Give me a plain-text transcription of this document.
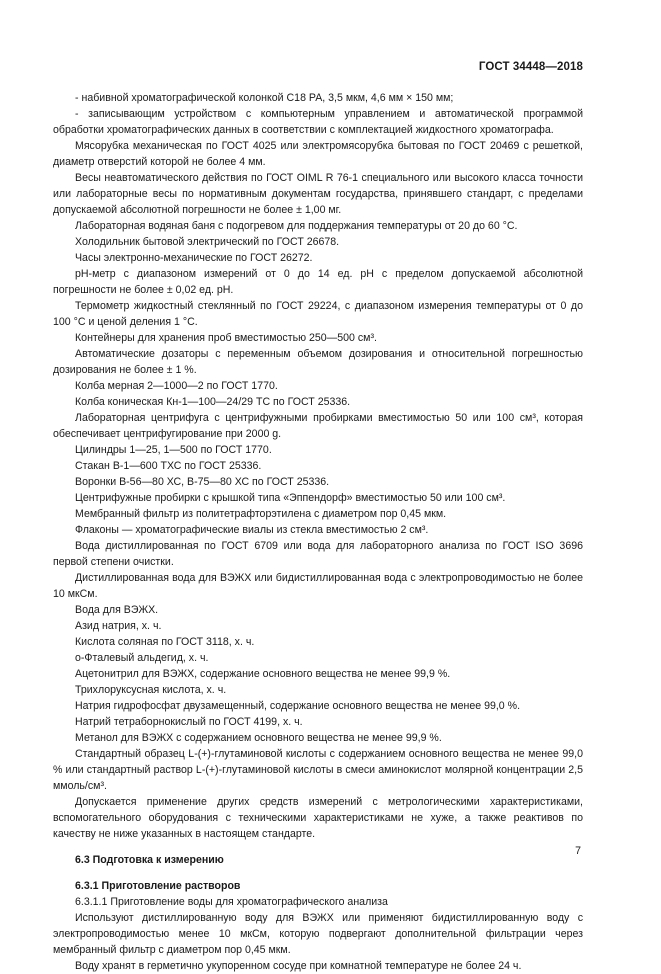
ГОСТ 34448—2018

- набивной хроматографической колонкой C18 PA, 3,5 мкм, 4,6 мм × 150 мм;

- записывающим устройством с компьютерным управлением и автоматической программой обработки хроматографических данных в соответствии с комплектацией жидкостного хроматографа.

Мясорубка механическая по ГОСТ 4025 или электромясорубка бытовая по ГОСТ 20469 с решеткой, диаметр отверстий которой не более 4 мм.

Весы неавтоматического действия по ГОСТ OIML R 76-1 специального или высокого класса точности или лабораторные весы по нормативным документам государства, принявшего стандарт, с пределами допускаемой абсолютной погрешности не более ± 1,00 мг.

Лабораторная водяная баня с подогревом для поддержания температуры от 20 до 60 °С.

Холодильник бытовой электрический по ГОСТ 26678.

Часы электронно-механические по ГОСТ 26272.

pH-метр с диапазоном измерений от 0 до 14 ед. pH с пределом допускаемой абсолютной погрешности не более ± 0,02 ед. pH.

Термометр жидкостный стеклянный по ГОСТ 29224, с диапазоном измерения температуры от 0 до 100 °С и ценой деления 1 °С.

Контейнеры для хранения проб вместимостью 250—500 см³.

Автоматические дозаторы с переменным объемом дозирования и относительной погрешностью дозирования не более ± 1 %.

Колба мерная 2—1000—2 по ГОСТ 1770.

Колба коническая Кн-1—100—24/29 ТС по ГОСТ 25336.

Лабораторная центрифуга с центрифужными пробирками вместимостью 50 или 100 см³, которая обеспечивает центрифугирование при 2000 g.

Цилиндры 1—25, 1—500 по ГОСТ 1770.

Стакан В-1—600 ТХС по ГОСТ 25336.

Воронки В-56—80 ХС, В-75—80 ХС по ГОСТ 25336.

Центрифужные пробирки с крышкой типа «Эппендорф» вместимостью 50 или 100 см³.

Мембранный фильтр из политетрафторэтилена с диаметром пор 0,45 мкм.

Флаконы — хроматографические виалы из стекла вместимостью 2 см³.

Вода дистиллированная по ГОСТ 6709 или вода для лабораторного анализа по ГОСТ ISO 3696 первой степени очистки.

Дистиллированная вода для ВЭЖХ или бидистиллированная вода с электропроводимостью не более 10 мкСм.

Вода для ВЭЖХ.

Азид натрия, х. ч.

Кислота соляная по ГОСТ 3118, х. ч.

о-Фталевый альдегид, х. ч.

Ацетонитрил для ВЭЖХ, содержание основного вещества не менее 99,9 %.

Трихлоруксусная кислота, х. ч.

Натрия гидрофосфат двузамещенный, содержание основного вещества не менее 99,0 %.

Натрий тетраборнокислый по ГОСТ 4199, х. ч.

Метанол для ВЭЖХ с содержанием основного вещества не менее 99,9 %.

Стандартный образец L-(+)-глутаминовой кислоты с содержанием основного вещества не менее 99,0 % или стандартный раствор L-(+)-глутаминовой кислоты в смеси аминокислот молярной концентрации 2,5 ммоль/см³.

Допускается применение других средств измерений с метрологическими характеристиками, вспомогательного оборудования с техническими характеристиками не хуже, а также реактивов по качеству не ниже указанных в настоящем стандарте.

6.3 Подготовка к измерению

6.3.1 Приготовление растворов

6.3.1.1 Приготовление воды для хроматографического анализа

Используют дистиллированную воду для ВЭЖХ или применяют бидистиллированную воду с электропроводимостью менее 10 мкСм, которую подвергают дополнительной фильтрации через мембранный фильтр с диаметром пор 0,45 мкм.

Воду хранят в герметично укупоренном сосуде при комнатной температуре не более 24 ч.

7
